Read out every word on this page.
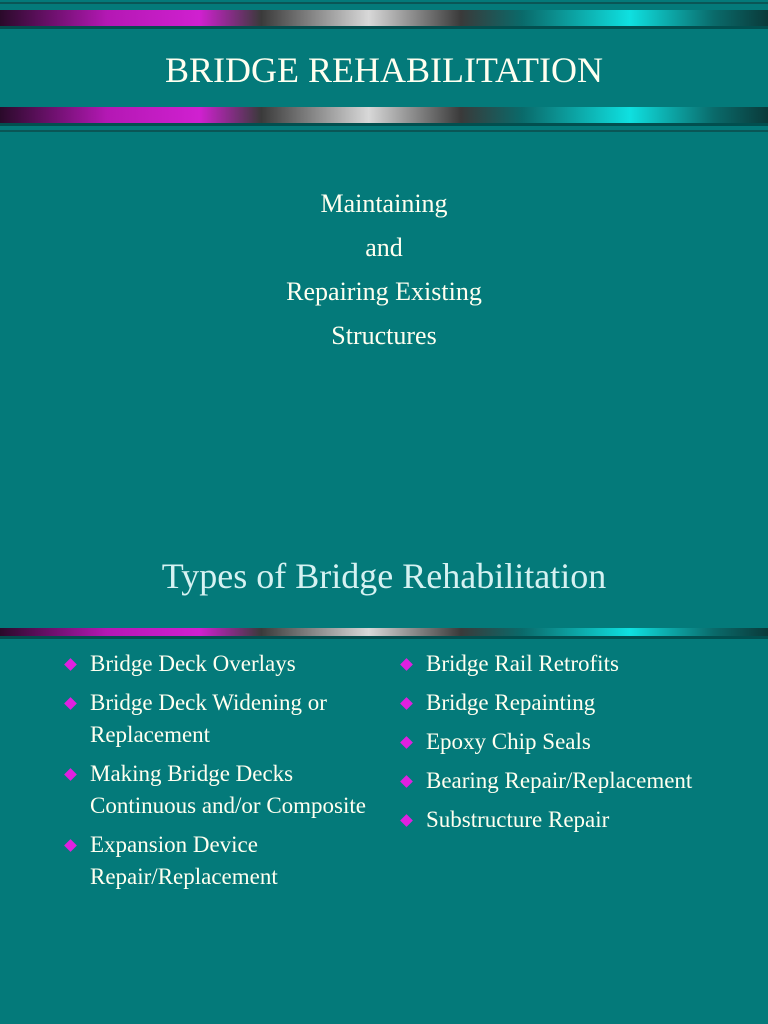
BRIDGE REHABILITATION
Maintaining
and
Repairing Existing
Structures
Types of Bridge Rehabilitation
Bridge Deck Overlays
Bridge Deck Widening or Replacement
Making Bridge Decks Continuous and/or Composite
Expansion Device Repair/Replacement
Bridge Rail Retrofits
Bridge Repainting
Epoxy Chip Seals
Bearing Repair/Replacement
Substructure Repair
